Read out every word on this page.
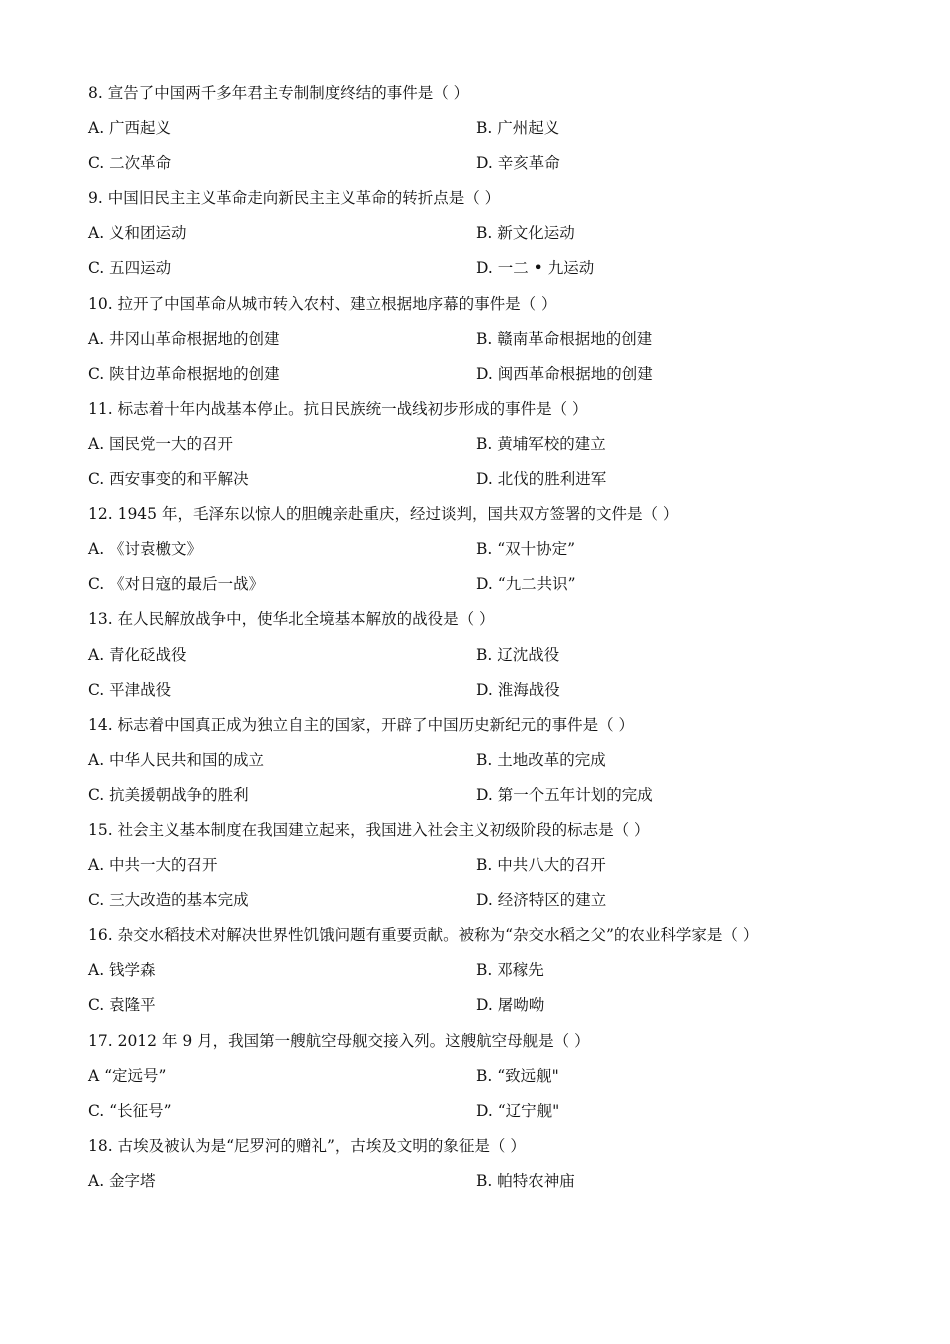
8. 宣告了中国两千多年君主专制制度终结的事件是（ ）
A. 广西起义	B. 广州起义
C. 二次革命	D. 辛亥革命
9. 中国旧民主主义革命走向新民主主义革命的转折点是（ ）
A. 义和团运动	B. 新文化运动
C. 五四运动	D. 一二 • 九运动
10. 拉开了中国革命从城市转入农村、建立根据地序幕的事件是（ ）
A. 井冈山革命根据地的创建	B. 赣南革命根据地的创建
C. 陕甘边革命根据地的创建	D. 闽西革命根据地的创建
11. 标志着十年内战基本停止。抗日民族统一战线初步形成的事件是（ ）
A. 国民党一大的召开	B. 黄埔军校的建立
C. 西安事变的和平解决	D. 北伐的胜利进军
12. 1945 年，毛泽东以惊人的胆魄亲赴重庆，经过谈判，国共双方签署的文件是（ ）
A. 《讨袁檄文》	B. “双十协定”
C. 《对日寇的最后一战》	D. “九二共识”
13. 在人民解放战争中，使华北全境基本解放的战役是（ ）
A. 青化砭战役	B. 辽沈战役
C. 平津战役	D. 淮海战役
14. 标志着中国真正成为独立自主的国家，开辟了中国历史新纪元的事件是（ ）
A. 中华人民共和国的成立	B. 土地改革的完成
C. 抗美援朝战争的胜利	D. 第一个五年计划的完成
15. 社会主义基本制度在我国建立起来，我国进入社会主义初级阶段的标志是（ ）
A. 中共一大的召开	B. 中共八大的召开
C. 三大改造的基本完成	D. 经济特区的建立
16. 杂交水稻技术对解决世界性饥饿问题有重要贡献。被称为“杂交水稻之父”的农业科学家是（ ）
A. 钱学森	B. 邓稼先
C. 袁隆平	D. 屠呦呦
17. 2012 年 9 月，我国第一艘航空母舰交接入列。这艘航空母舰是（ ）
A “定远号”	B. “致远舰"
C. “长征号”	D. “辽宁舰"
18. 古埃及被认为是“尼罗河的赠礼”，古埃及文明的象征是（ ）
A. 金字塔	B. 帕特农神庙
